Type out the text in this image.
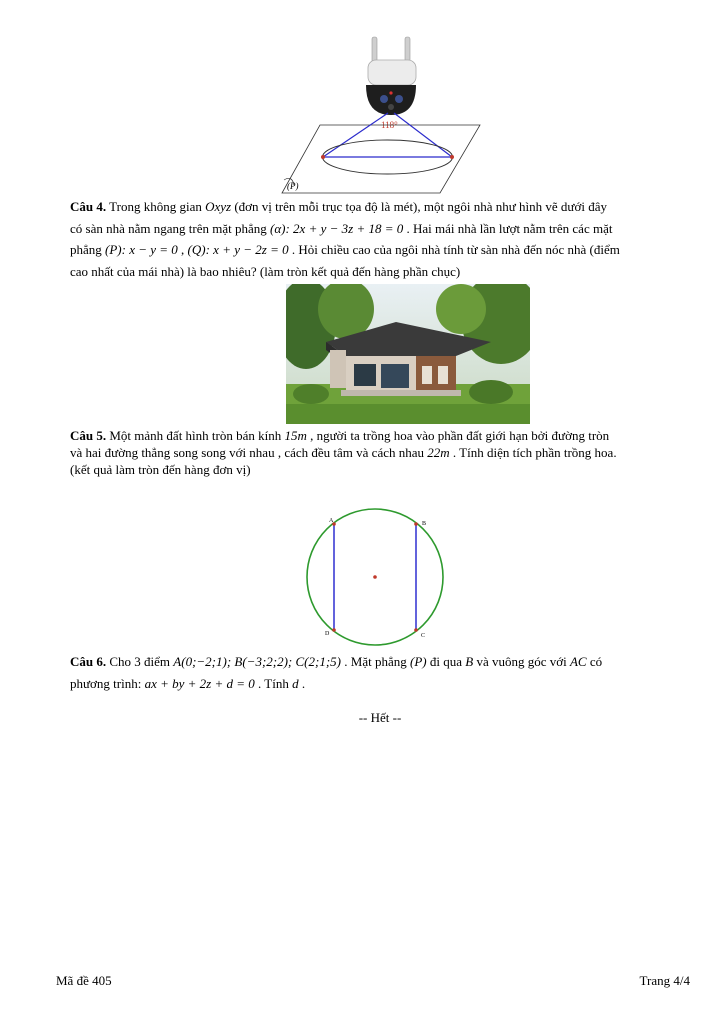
118°
(P)
Câu 4. Trong không gian Oxyz (đơn vị trên mỗi trục tọa độ là mét), một ngôi nhà như hình vẽ dưới đây
có sàn nhà nằm ngang trên mặt phẳng (α): 2x + y − 3z + 18 = 0 . Hai mái nhà lần lượt nằm trên các mặt
phẳng (P): x − y = 0 , (Q): x + y − 2z = 0 . Hỏi chiều cao của ngôi nhà tính từ sàn nhà đến nóc nhà (điểm
cao nhất của mái nhà) là bao nhiêu? (làm tròn kết quả đến hàng phần chục)
Câu 5. Một mảnh đất hình tròn bán kính 15m , người ta trồng hoa vào phần đất giới hạn bởi đường tròn
và hai đường thẳng song song với nhau , cách đều tâm và cách nhau 22m . Tính diện tích phần trồng hoa.
(kết quả làm tròn đến hàng đơn vị)
A	B
C
D
Câu 6. Cho 3 điểm A(0;−2;1); B(−3;2;2); C(2;1;5) . Mặt phẳng (P) đi qua B và vuông góc với AC có
phương trình: ax + by + 2z + d = 0 . Tính d .
-- Hết --
Mã đề 405	Trang 4/4
